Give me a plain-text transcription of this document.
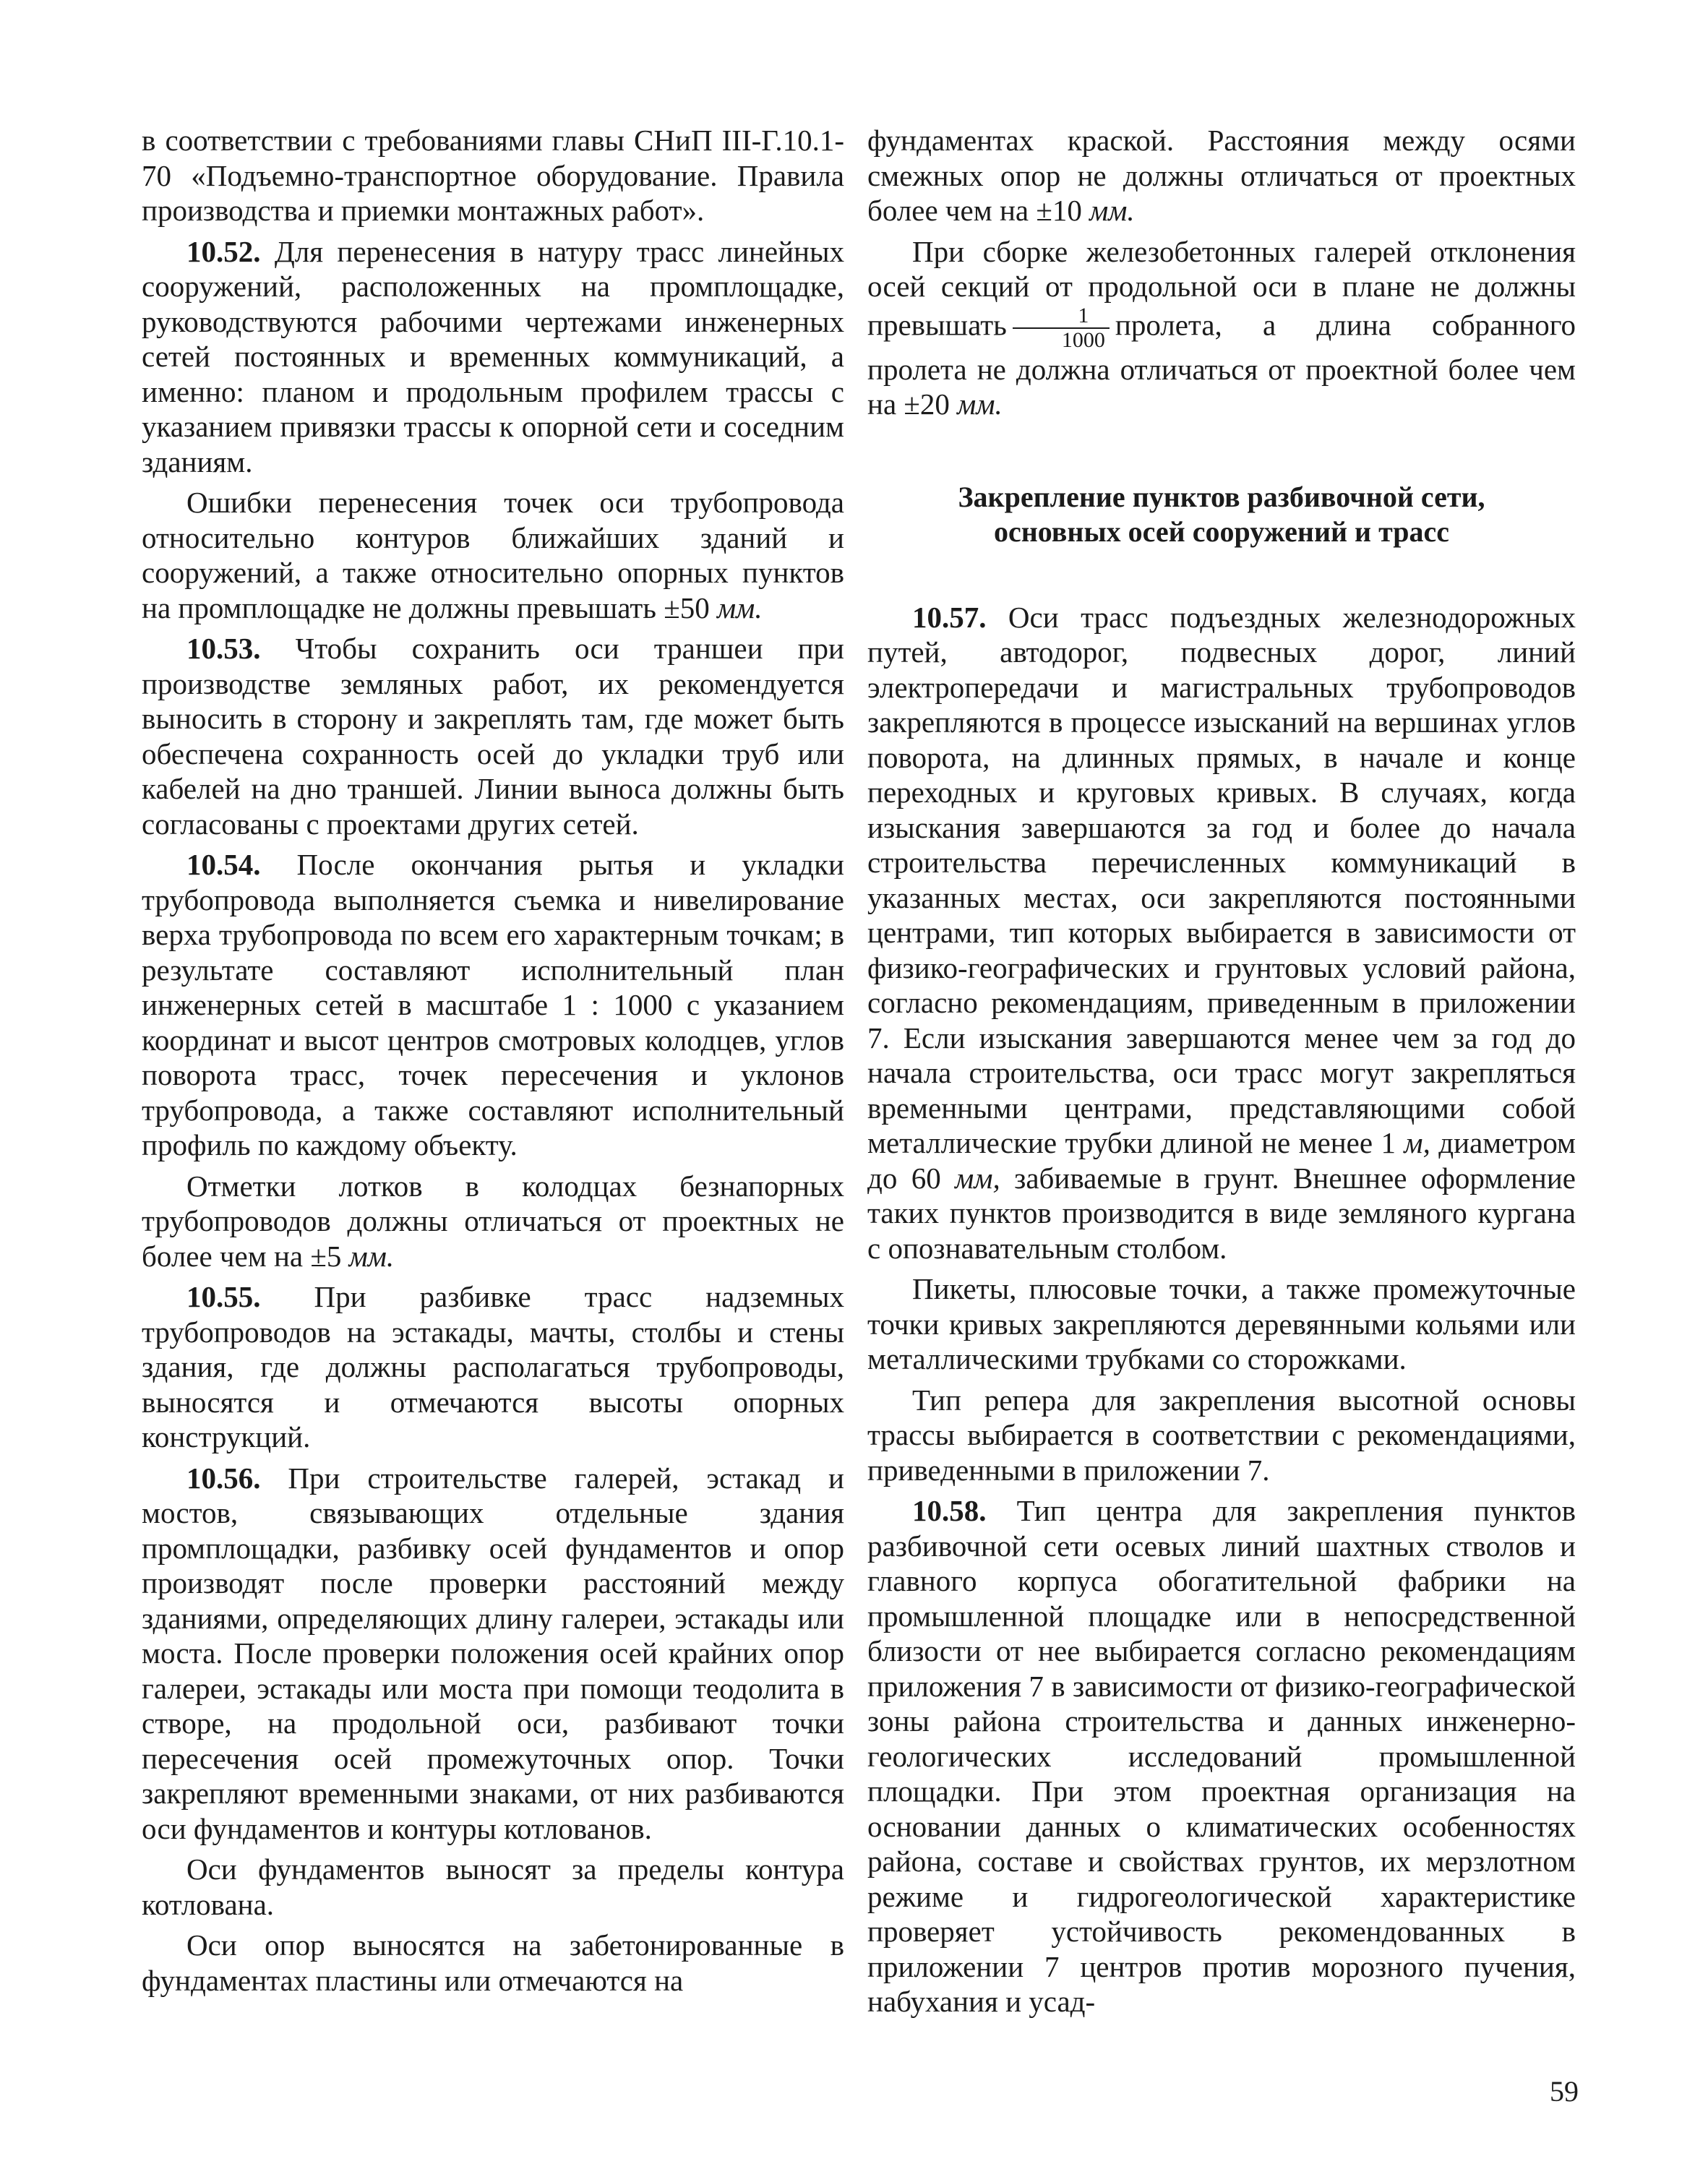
в соответствии с требованиями главы СНиП III-Г.10.1-70 «Подъемно-транспортное оборудование. Правила производства и приемки монтажных работ».

10.52. Для перенесения в натуру трасс линейных сооружений, расположенных на промплощадке, руководствуются рабочими чертежами инженерных сетей постоянных и временных коммуникаций, а именно: планом и продольным профилем трассы с указанием привязки трассы к опорной сети и соседним зданиям.

Ошибки перенесения точек оси трубопровода относительно контуров ближайших зданий и сооружений, а также относительно опорных пунктов на промплощадке не должны превышать ±50 мм.

10.53. Чтобы сохранить оси траншеи при производстве земляных работ, их рекомендуется выносить в сторону и закреплять там, где может быть обеспечена сохранность осей до укладки труб или кабелей на дно траншей. Линии выноса должны быть согласованы с проектами других сетей.

10.54. После окончания рытья и укладки трубопровода выполняется съемка и нивелирование верха трубопровода по всем его характерным точкам; в результате составляют исполнительный план инженерных сетей в масштабе 1 : 1000 с указанием координат и высот центров смотровых колодцев, углов поворота трасс, точек пересечения и уклонов трубопровода, а также составляют исполнительный профиль по каждому объекту.

Отметки лотков в колодцах безнапорных трубопроводов должны отличаться от проектных не более чем на ±5 мм.

10.55. При разбивке трасс надземных трубопроводов на эстакады, мачты, столбы и стены здания, где должны располагаться трубопроводы, выносятся и отмечаются высоты опорных конструкций.

10.56. При строительстве галерей, эстакад и мостов, связывающих отдельные здания промплощадки, разбивку осей фундаментов и опор производят после проверки расстояний между зданиями, определяющих длину галереи, эстакады или моста. После проверки положения осей крайних опор галереи, эстакады или моста при помощи теодолита в створе, на продольной оси, разбивают точки пересечения осей промежуточных опор. Точки закрепляют временными знаками, от них разбиваются оси фундаментов и контуры котлованов.

Оси фундаментов выносят за пределы контура котлована.

Оси опор выносятся на забетонированные в фундаментах пластины или отмечаются на

фундаментах краской. Расстояния между осями смежных опор не должны отличаться от проектных более чем на ±10 мм.

При сборке железобетонных галерей отклонения осей секций от продольной оси в плане не должны превышать $\frac{1}{1000}$ пролета, а длина собранного пролета не должна отличаться от проектной более чем на ±20 мм.

Закрепление пунктов разбивочной сети,
основных осей сооружений и трасс

10.57. Оси трасс подъездных железнодорожных путей, автодорог, подвесных дорог, линий электропередачи и магистральных трубопроводов закрепляются в процессе изысканий на вершинах углов поворота, на длинных прямых, в начале и конце переходных и круговых кривых. В случаях, когда изыскания завершаются за год и более до начала строительства перечисленных коммуникаций в указанных местах, оси закрепляются постоянными центрами, тип которых выбирается в зависимости от физико-географических и грунтовых условий района, согласно рекомендациям, приведенным в приложении 7. Если изыскания завершаются менее чем за год до начала строительства, оси трасс могут закрепляться временными центрами, представляющими собой металлические трубки длиной не менее 1 м, диаметром до 60 мм, забиваемые в грунт. Внешнее оформление таких пунктов производится в виде земляного кургана с опознавательным столбом.

Пикеты, плюсовые точки, а также промежуточные точки кривых закрепляются деревянными кольями или металлическими трубками со сторожками.

Тип репера для закрепления высотной основы трассы выбирается в соответствии с рекомендациями, приведенными в приложении 7.

10.58. Тип центра для закрепления пунктов разбивочной сети осевых линий шахтных стволов и главного корпуса обогатительной фабрики на промышленной площадке или в непосредственной близости от нее выбирается согласно рекомендациям приложения 7 в зависимости от физико-географической зоны района строительства и данных инженерно-геологических исследований промышленной площадки. При этом проектная организация на основании данных о климатических особенностях района, составе и свойствах грунтов, их мерзлотном режиме и гидрогеологической характеристике проверяет устойчивость рекомендованных в приложении 7 центров против морозного пучения, набухания и усад-

59
